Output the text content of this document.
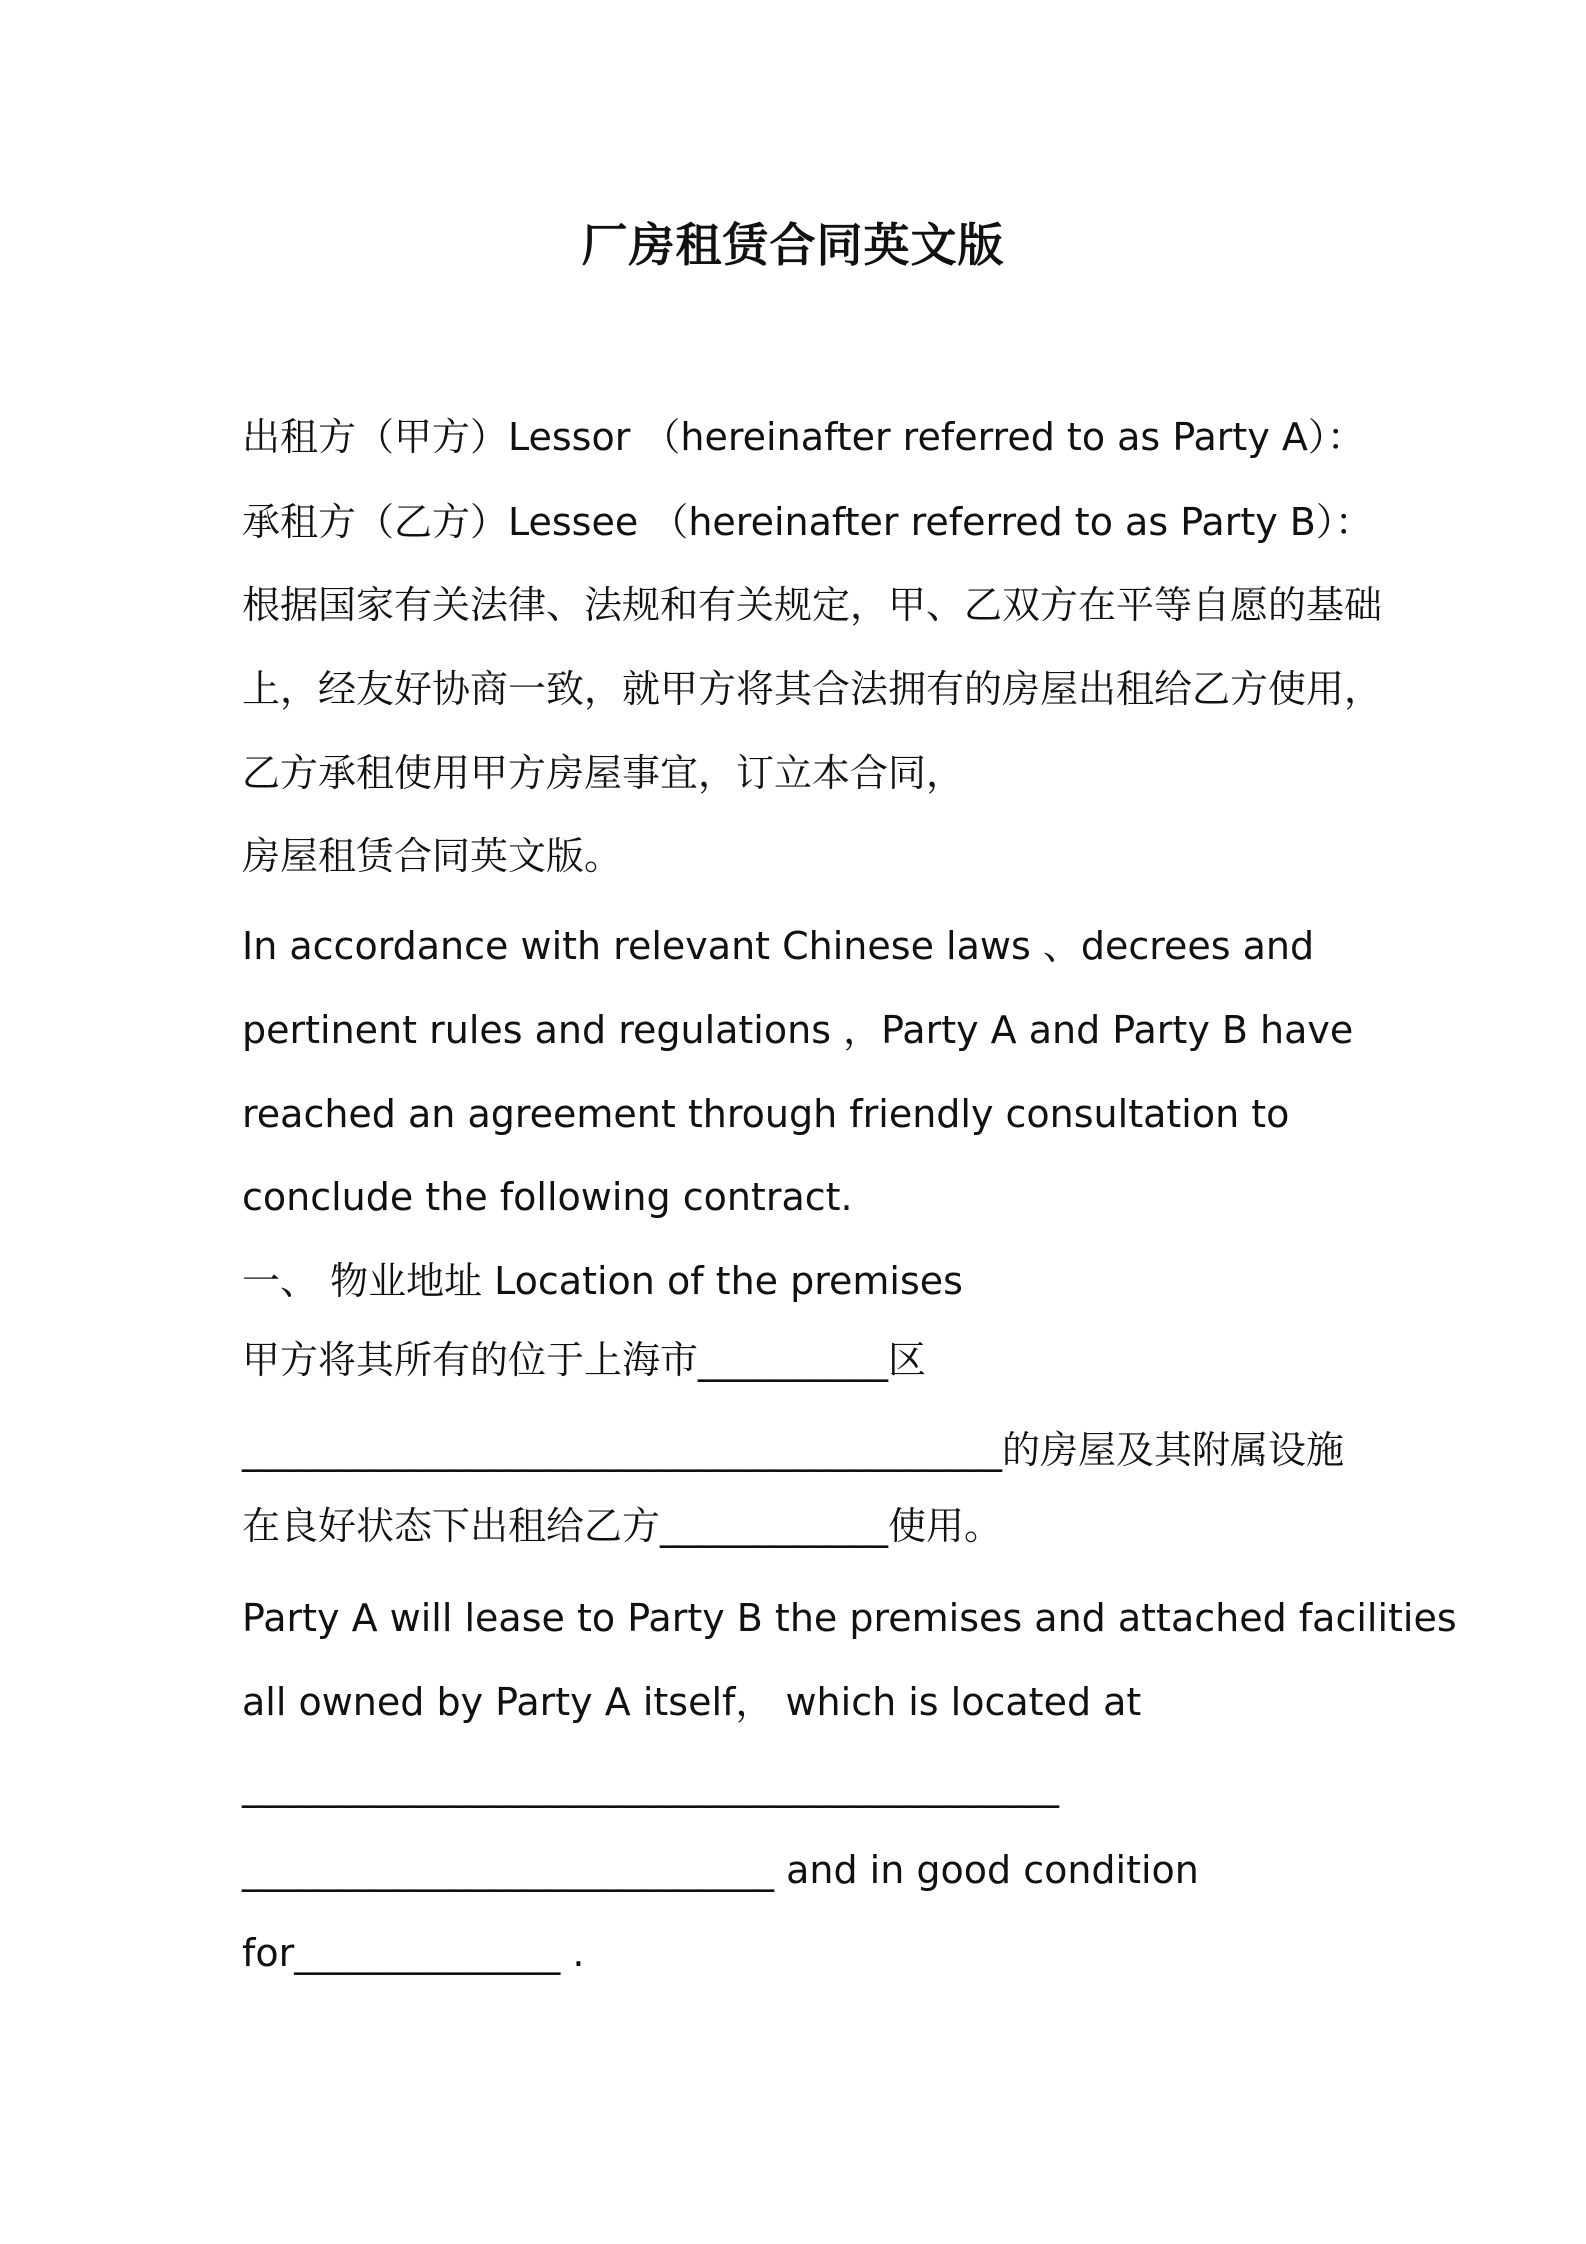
厂房租赁合同英文版
出租方（甲方）Lessor （hereinafter referred to as Party A）：
承租方（乙方）Lessee （hereinafter referred to as Party B）：
根据国家有关法律、法规和有关规定，甲、乙双方在平等自愿的基础
上，经友好协商一致，就甲方将其合法拥有的房屋出租给乙方使用，
乙方承租使用甲方房屋事宜，订立本合同，
房屋租赁合同英文版。
In accordance with relevant Chinese laws 、decrees and
pertinent rules and regulations ，Party A and Party B have
reached an agreement through friendly consultation to
conclude the following contract.
一、 物业地址 Location of the premises
甲方将其所有的位于上海市__________区
________________________________________的房屋及其附属设施
在良好状态下出租给乙方____________使用。
Party A will lease to Party B the premises and attached facilities
all owned by Party A itself， which is located at
___________________________________________
____________________________ and in good condition
for______________ .
